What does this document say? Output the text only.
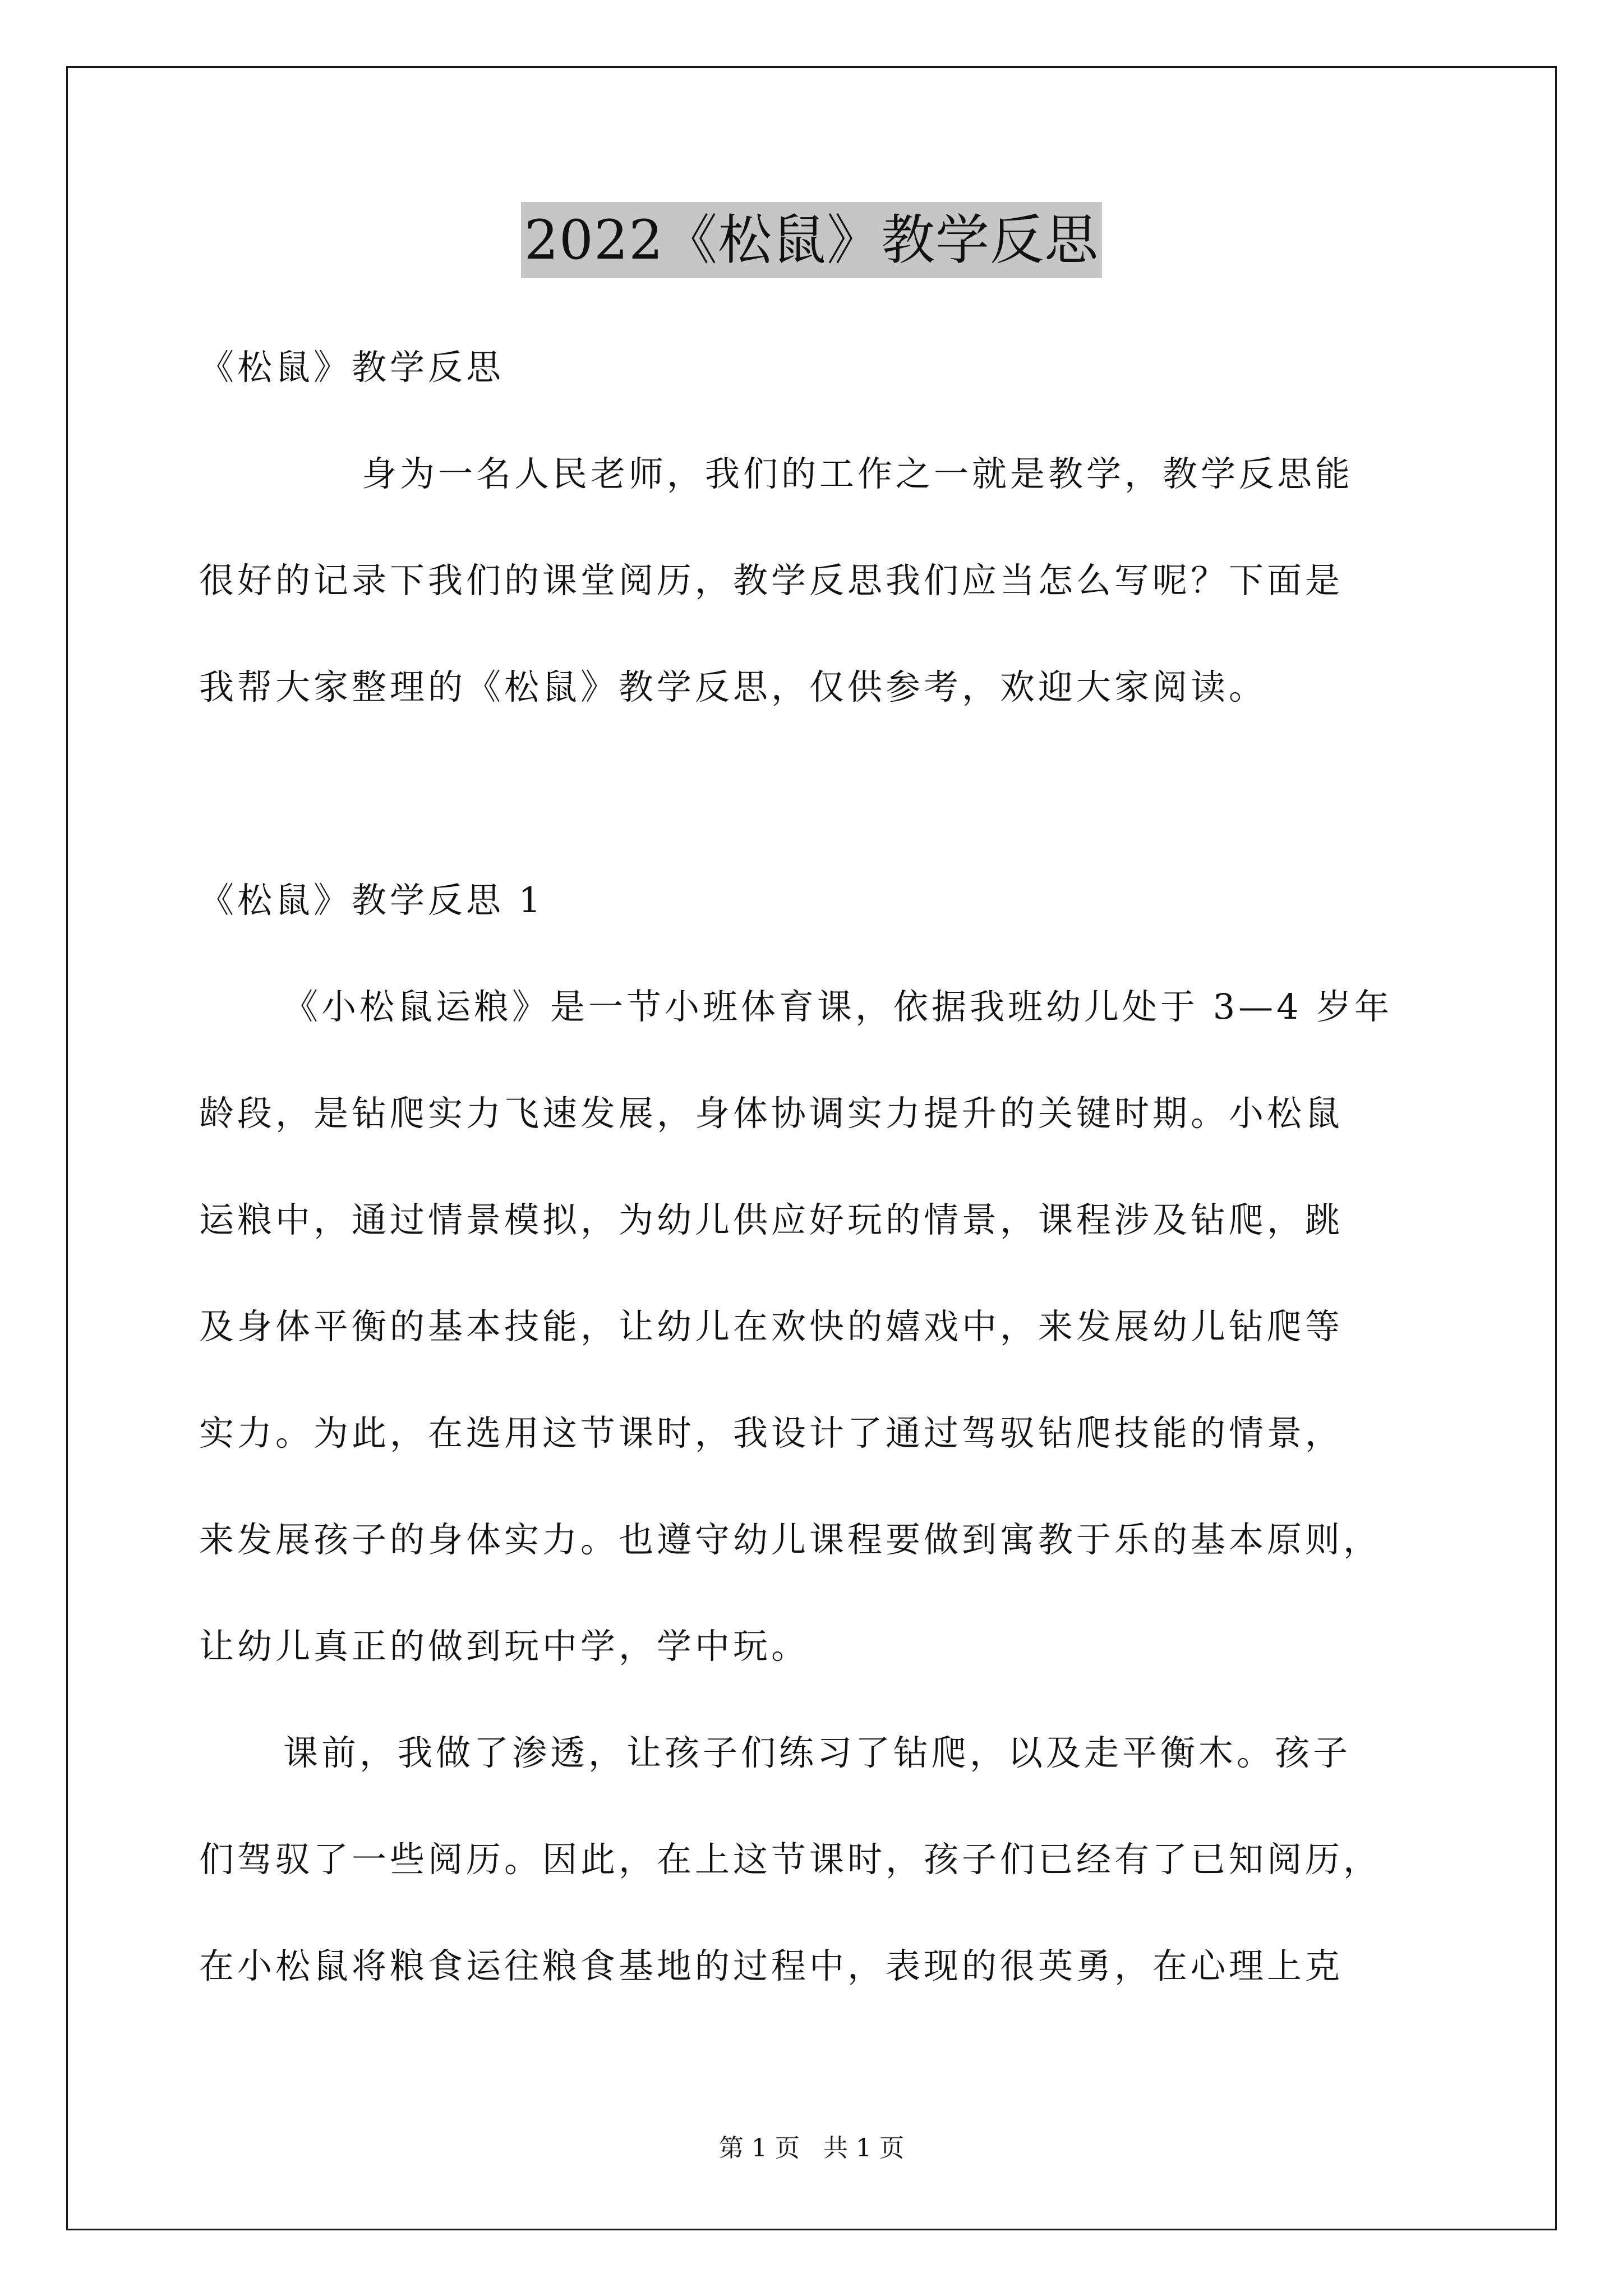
2022《松鼠》教学反思
《松鼠》教学反思
身为一名人民老师，我们的工作之一就是教学，教学反思能
很好的记录下我们的课堂阅历，教学反思我们应当怎么写呢？下面是
我帮大家整理的《松鼠》教学反思，仅供参考，欢迎大家阅读。
《松鼠》教学反思 1
《小松鼠运粮》是一节小班体育课，依据我班幼儿处于 3—4 岁年
龄段，是钻爬实力飞速发展，身体协调实力提升的关键时期。小松鼠
运粮中，通过情景模拟，为幼儿供应好玩的情景，课程涉及钻爬，跳
及身体平衡的基本技能，让幼儿在欢快的嬉戏中，来发展幼儿钻爬等
实力。为此，在选用这节课时，我设计了通过驾驭钻爬技能的情景，
来发展孩子的身体实力。也遵守幼儿课程要做到寓教于乐的基本原则，
让幼儿真正的做到玩中学，学中玩。
课前，我做了渗透，让孩子们练习了钻爬，以及走平衡木。孩子
们驾驭了一些阅历。因此，在上这节课时，孩子们已经有了已知阅历，
在小松鼠将粮食运往粮食基地的过程中，表现的很英勇，在心理上克
第 1 页 共 1 页
